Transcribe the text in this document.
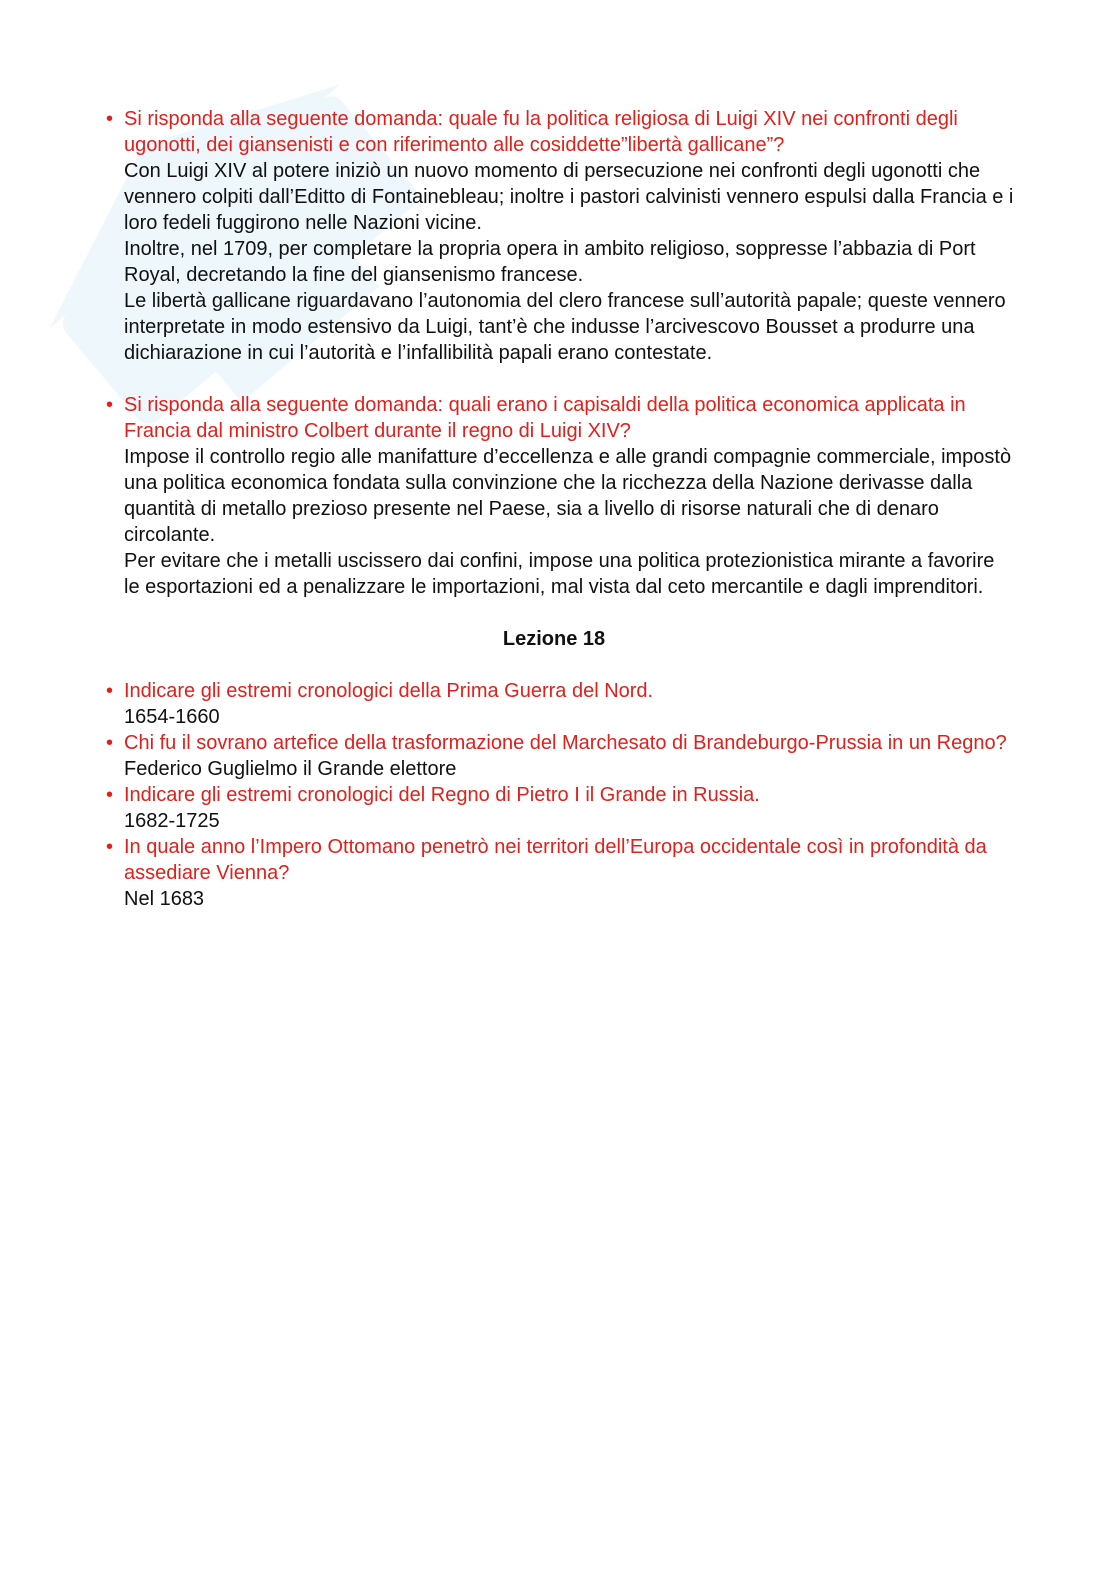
• Si risponda alla seguente domanda: quale fu la politica religiosa di Luigi XIV nei confronti degli ugonotti, dei giansenisti e con riferimento alle cosiddette”libertà gallicane”?
Con Luigi XIV al potere iniziò un nuovo momento di persecuzione nei confronti degli ugonotti che vennero colpiti dall’Editto di Fontainebleau; inoltre i pastori calvinisti vennero espulsi dalla Francia e i loro fedeli fuggirono nelle Nazioni vicine.
Inoltre, nel 1709, per completare la propria opera in ambito religioso, soppresse l’abbazia di Port Royal, decretando la fine del giansenismo francese.
Le libertà gallicane riguardavano l’autonomia del clero francese sull’autorità papale; queste vennero interpretate in modo estensivo da Luigi, tant’è che indusse l’arcivescovo Bousset a produrre una dichiarazione in cui l’autorità e l’infallibilità papali erano contestate.
• Si risponda alla seguente domanda: quali erano i capisaldi della politica economica applicata in Francia dal ministro Colbert durante il regno di Luigi XIV?
Impose il controllo regio alle manifatture d’eccellenza e alle grandi compagnie commerciale, impostò una politica economica fondata sulla convinzione che la ricchezza della Nazione derivasse dalla quantità di metallo prezioso presente nel Paese, sia a livello di risorse naturali che di denaro circolante.
Per evitare che i metalli uscissero dai confini, impose una politica protezionistica mirante a favorire le esportazioni ed a penalizzare le importazioni, mal vista dal ceto mercantile e dagli imprenditori.
Lezione 18
• Indicare gli estremi cronologici della Prima Guerra del Nord.
1654-1660
• Chi fu il sovrano artefice della trasformazione del Marchesato di Brandeburgo-Prussia in un Regno?
Federico Guglielmo il Grande elettore
• Indicare gli estremi cronologici del Regno di Pietro I il Grande in Russia.
1682-1725
• In quale anno l’Impero Ottomano penetrò nei territori dell’Europa occidentale così in profondità da assediare Vienna?
Nel 1683
